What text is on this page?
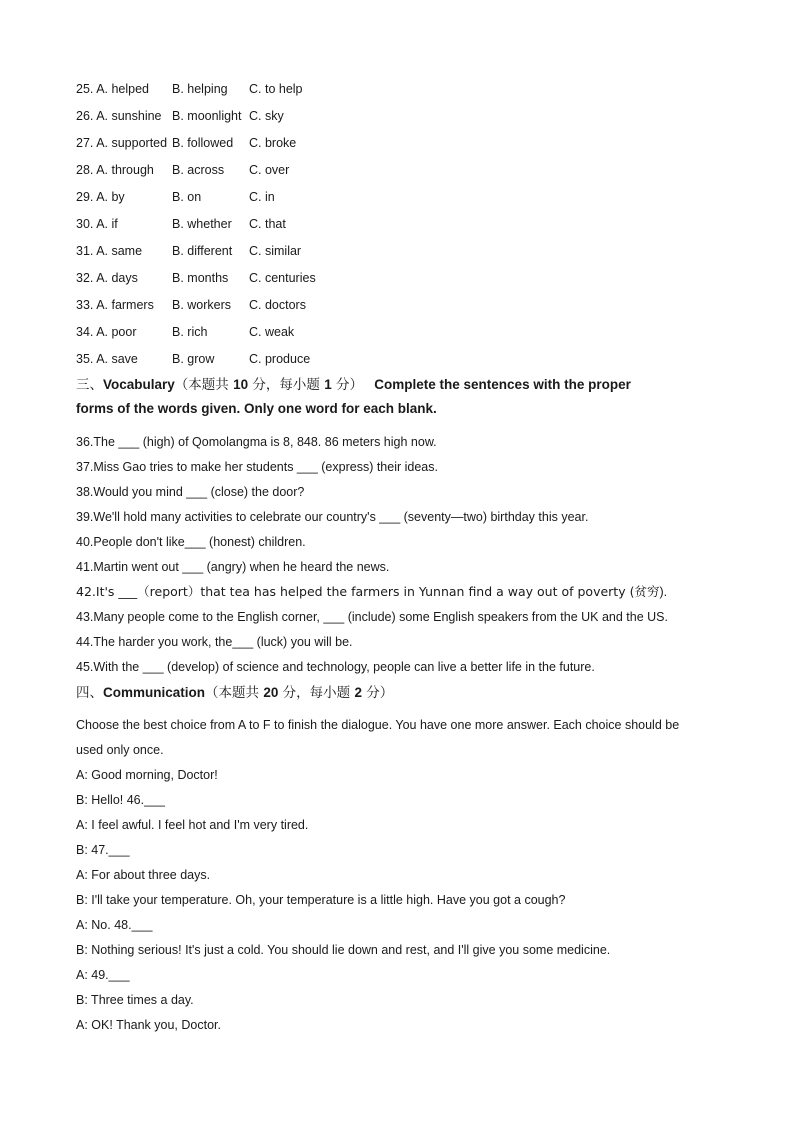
25. A. helped B. helping C. to help
26. A. sunshine B. moonlight C. sky
27. A. supported B. followed C. broke
28. A. through B. across C. over
29. A. by	B. on	C. in
30. A. if	B. whether C. that
31. A. same B. different C. similar
32. A. days	B. months C. centuries
33. A. farmers B. workers C. doctors
34. A. poor	B. rich	C. weak
35. A. save	B. grow	C. produce
三、Vocabulary（本题共 10 分，每小题 1 分） Complete the sentences with the proper
forms of the words given. Only one word for each blank.
36.The ___ (high) of Qomolangma is 8, 848. 86 meters high now.
37.Miss Gao tries to make her students ___ (express) their ideas.
38.Would you mind ___ (close) the door?
39.We'll hold many activities to celebrate our country's ___ (seventy—two) birthday this year.
40.People don't like___ (honest) children.
41.Martin went out ___ (angry) when he heard the news.
42.It's ___（report）that tea has helped the farmers in Yunnan find a way out of poverty (贫穷).
43.Many people come to the English corner, ___ (include) some English speakers from the UK and the US.
44.The harder you work, the___ (luck) you will be.
45.With the ___ (develop) of science and technology, people can live a better life in the future.
四、Communication（本题共 20 分，每小题 2 分）
Choose the best choice from A to F to finish the dialogue. You have one more answer. Each choice should be
used only once.
A: Good morning, Doctor!
B: Hello! 46.___
A: I feel awful. I feel hot and I'm very tired.
B: 47.___
A: For about three days.
B: I'll take your temperature. Oh, your temperature is a little high. Have you got a cough?
A: No. 48.___
B: Nothing serious! It's just a cold. You should lie down and rest, and I'll give you some medicine.
A: 49.___
B: Three times a day.
A: OK! Thank you, Doctor.
